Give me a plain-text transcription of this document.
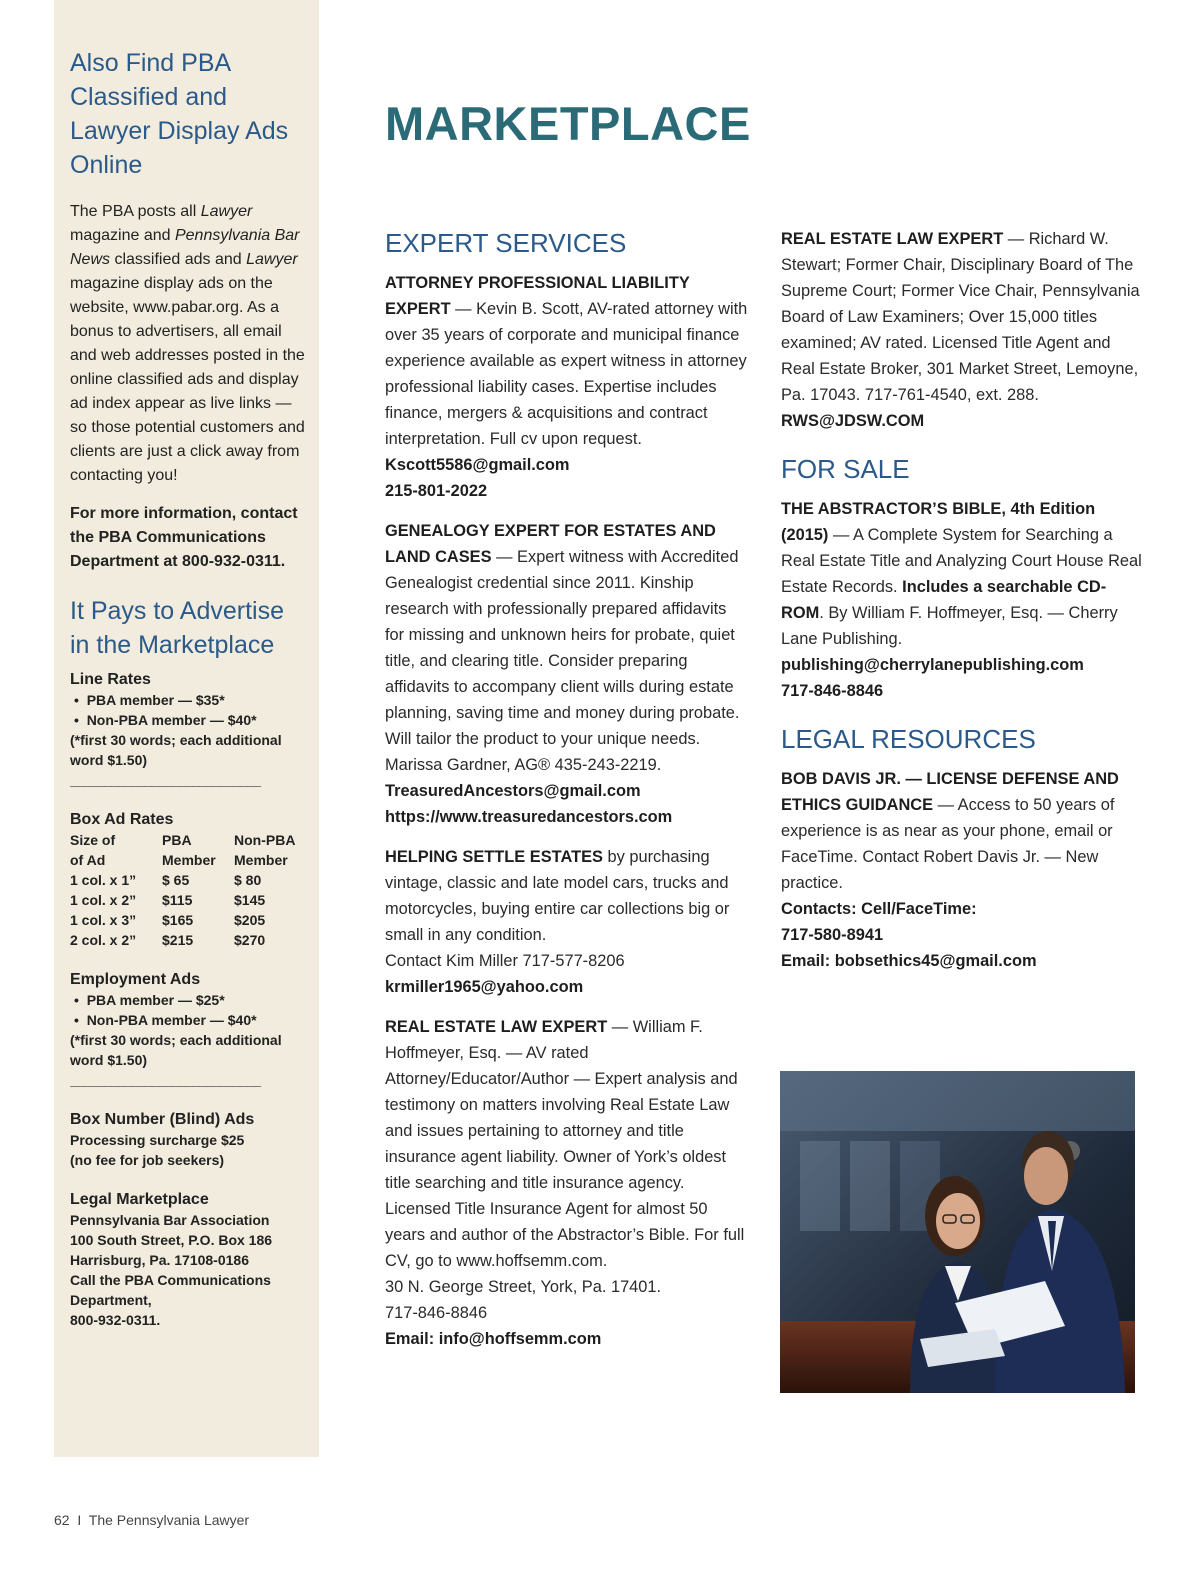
Also Find PBA Classified and Lawyer Display Ads Online

The PBA posts all Lawyer magazine and Pennsylvania Bar News classified ads and Lawyer magazine display ads on the website, www.pabar.org. As a bonus to advertisers, all email and web addresses posted in the online classified ads and display ad index appear as live links — so those potential customers and clients are just a click away from contacting you!

For more information, contact the PBA Communications Department at 800-932-0311.

It Pays to Advertise in the Marketplace

Line Rates

•  PBA member — $35*
•  Non-PBA member — $40*
(*first 30 words; each additional word $1.50)
____________________________

Box Ad Rates

Size of	PBA	Non-PBA
of Ad	Member	Member
1 col. x 1”	$ 65	$ 80
1 col. x 2”	$115	$145
1 col. x 3”	$165	$205
2 col. x 2”	$215	$270

Employment Ads

•  PBA member — $25*
•  Non-PBA member — $40*
(*first 30 words; each additional word $1.50)
____________________________

Box Number (Blind) Ads

Processing surcharge $25
(no fee for job seekers)

Legal Marketplace

Pennsylvania Bar Association
100 South Street, P.O. Box 186
Harrisburg, Pa. 17108-0186
Call the PBA Communications Department,
800-932-0311.
MARKETPLACE
EXPERT SERVICES
ATTORNEY PROFESSIONAL LIABILITY EXPERT — Kevin B. Scott, AV-rated attorney with over 35 years of corporate and municipal finance experience available as expert witness in attorney professional liability cases. Expertise includes finance, mergers & acquisitions and contract interpretation. Full cv upon request.
Kscott5586@gmail.com
215-801-2022
GENEALOGY EXPERT FOR ESTATES AND LAND CASES — Expert witness with Accredited Genealogist credential since 2011. Kinship research with professionally prepared affidavits for missing and unknown heirs for probate, quiet title, and clearing title. Consider preparing affidavits to accompany client wills during estate planning, saving time and money during probate. Will tailor the product to your unique needs.
Marissa Gardner, AG® 435-243-2219.
TreasuredAncestors@gmail.com
https://www.treasuredancestors.com
HELPING SETTLE ESTATES by purchasing vintage, classic and late model cars, trucks and motorcycles, buying entire car collections big or small in any condition.
Contact Kim Miller 717-577-8206
krmiller1965@yahoo.com
REAL ESTATE LAW EXPERT — William F. Hoffmeyer, Esq. — AV rated Attorney/Educator/Author — Expert analysis and testimony on matters involving Real Estate Law and issues pertaining to attorney and title insurance agent liability. Owner of York’s oldest title searching and title insurance agency. Licensed Title Insurance Agent for almost 50 years and author of the Abstractor’s Bible. For full CV, go to www.hoffsemm.com.
30 N. George Street, York, Pa. 17401.
717-846-8846
Email: info@hoffsemm.com
REAL ESTATE LAW EXPERT — Richard W. Stewart; Former Chair, Disciplinary Board of The Supreme Court; Former Vice Chair, Pennsylvania Board of Law Examiners; Over 15,000 titles examined; AV rated. Licensed Title Agent and Real Estate Broker, 301 Market Street, Lemoyne, Pa. 17043. 717-761-4540, ext. 288.
RWS@JDSW.COM
FOR SALE
THE ABSTRACTOR’S BIBLE, 4th Edition (2015) — A Complete System for Searching a Real Estate Title and Analyzing Court House Real Estate Records. Includes a searchable CD-ROM. By William F. Hoffmeyer, Esq. — Cherry Lane Publishing.
publishing@cherrylanepublishing.com
717-846-8846
LEGAL RESOURCES
BOB DAVIS JR. — LICENSE DEFENSE AND ETHICS GUIDANCE — Access to 50 years of experience is as near as your phone, email or FaceTime. Contact Robert Davis Jr. — New practice.
Contacts: Cell/FaceTime:
717-580-8941
Email: bobsethics45@gmail.com
62 I The Pennsylvania Lawyer
